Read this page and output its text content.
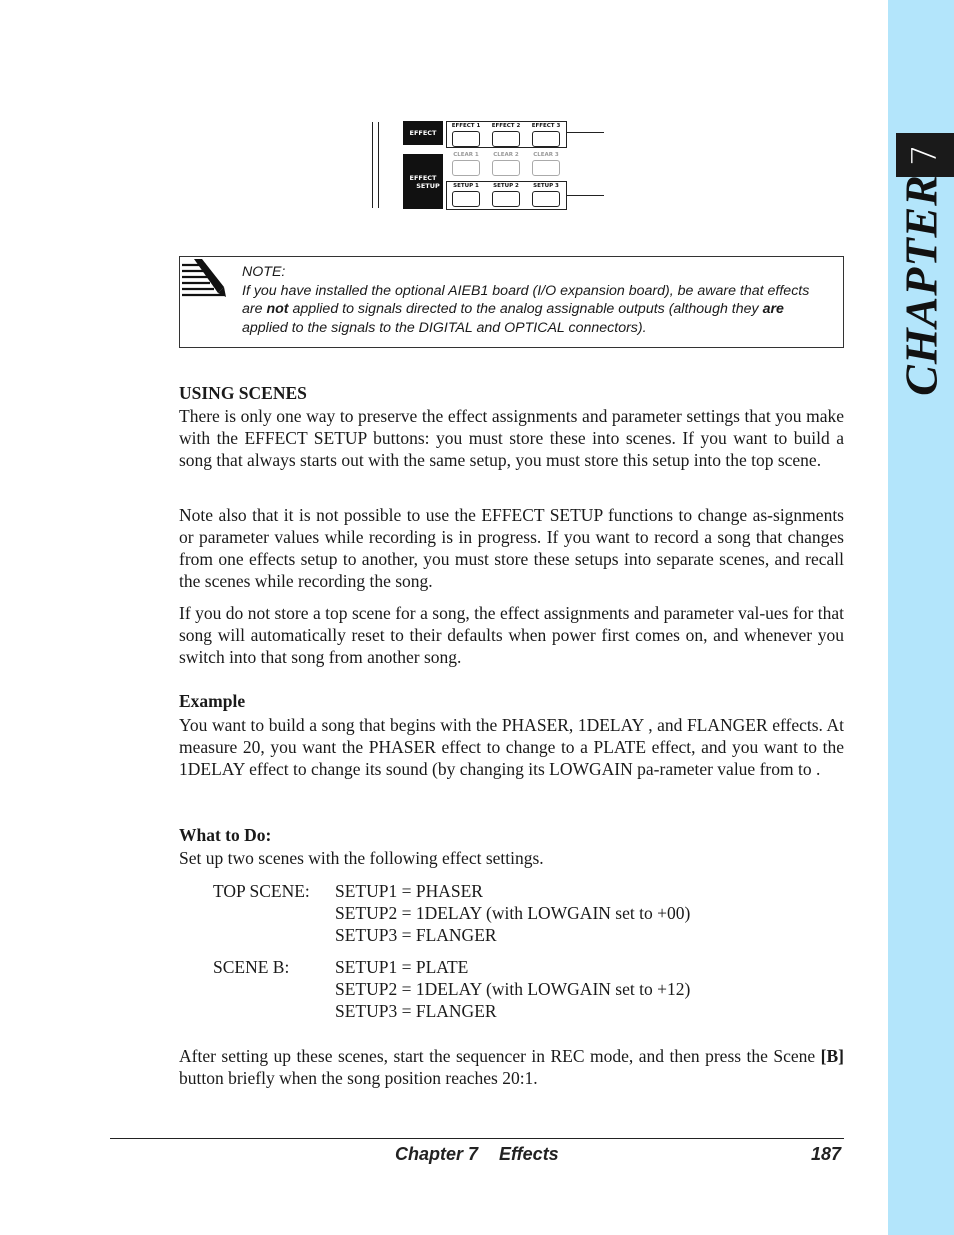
7
CHAPTER
EFFECT
EFFECT
SETUP
EFFECT 1	EFFECT 2	EFFECT 3
CLEAR 1	CLEAR 2	CLEAR 3
SETUP 1	SETUP 2	SETUP 3
NOTE:
If you have installed the optional AIEB1 board (I/O expansion board), be aware that effects
are not applied to signals directed to the analog assignable outputs (although they are
applied to the signals to the DIGITAL and OPTICAL connectors).
USING SCENES

There is only one way to preserve the effect assignments and parameter settings that you make with the EFFECT SETUP buttons: you must store these into scenes. If you want to build a song that always starts out with the same setup, you must store this setup into the top scene.

Note also that it is not possible to use the EFFECT SETUP functions to change as-signments or parameter values while recording is in progress. If you want to record a song that changes from one effects setup to another, you must store these setups into separate scenes, and recall the scenes while recording the song.

If you do not store a top scene for a song, the effect assignments and parameter val-ues for that song will automatically reset to their defaults when power first comes on, and whenever you switch into that song from another song.

Example

You want to build a song that begins with the PHASER, 1DELAY , and FLANGER effects. At measure 20, you want the PHASER effect to change to a PLATE effect, and you want to the 1DELAY effect to change its sound (by changing its LOWGAIN pa-rameter value from to .

What to Do:
Set up two scenes with the following effect settings.
TOP SCENE: SETUP1 = PHASER
SETUP2 = 1DELAY (with LOWGAIN set to +00)
SETUP3 = FLANGER
SCENE B:	SETUP1 = PLATE
SETUP2 = 1DELAY (with LOWGAIN set to +12)
SETUP3 = FLANGER

After setting up these scenes, start the sequencer in REC mode, and then press the Scene [B] button briefly when the song position reaches 20:1.

Chapter 7 Effects	187
